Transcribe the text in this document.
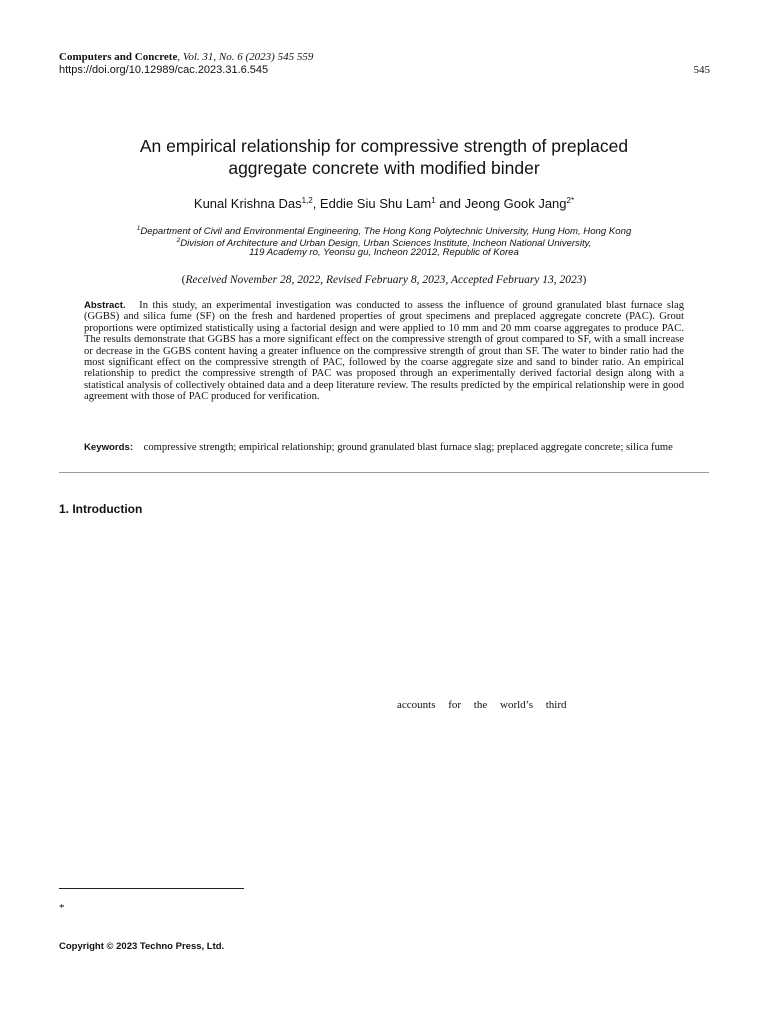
Computers and Concrete, Vol. 31, No. 6 (2023) 545 559
https://doi.org/10.12989/cac.2023.31.6.545	545
An empirical relationship for compressive strength of preplaced
aggregate concrete with modified binder
Kunal Krishna Das$^{1,2}$, Eddie Siu Shu Lam$^1$ and Jeong Gook Jang$^{2*}$
$^1$Department of Civil and Environmental Engineering, The Hong Kong Polytechnic University, Hung Hom, Hong Kong
$^2$Division of Architecture and Urban Design, Urban Sciences Institute, Incheon National University,
119 Academy ro, Yeonsu gu, Incheon 22012, Republic of Korea
(Received November 28, 2022, Revised February 8, 2023, Accepted February 13, 2023)
Abstract. In this study, an experimental investigation was conducted to assess the influence of ground granulated blast furnace slag (GGBS) and silica fume (SF) on the fresh and hardened properties of grout specimens and preplaced aggregate concrete (PAC). Grout proportions were optimized statistically using a factorial design and were applied to 10 mm and 20 mm coarse aggregates to produce PAC. The results demonstrate that GGBS has a more significant effect on the compressive strength of grout compared to SF, with a small increase or decrease in the GGBS content having a greater influence on the compressive strength of grout than SF. The water to binder ratio had the most significant effect on the compressive strength of PAC, followed by the coarse aggregate size and sand to binder ratio. An empirical relationship to predict the compressive strength of PAC was proposed through an experimentally derived factorial design along with a statistical analysis of collectively obtained data and a deep literature review. The results predicted by the empirical relationship were in good agreement with those of PAC produced for verification.
Keywords: compressive strength; empirical relationship; ground granulated blast furnace slag; preplaced aggregate concrete; silica fume
1. Introduction
accounts for the world’s third
*
Copyright © 2023 Techno Press, Ltd.
